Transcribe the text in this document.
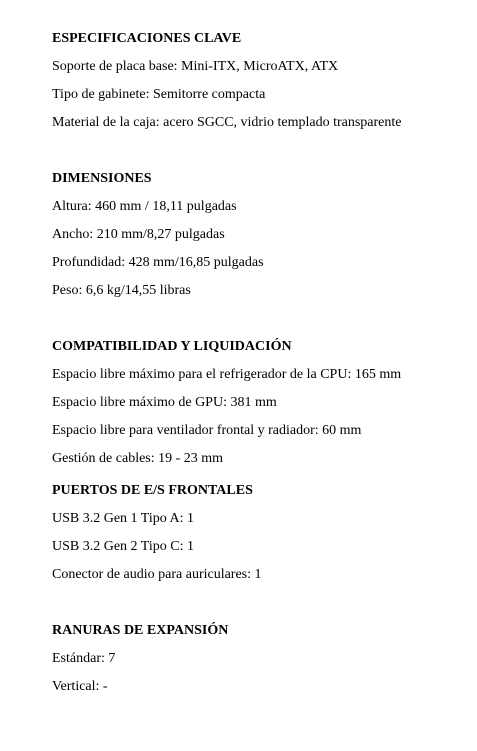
ESPECIFICACIONES CLAVE
Soporte de placa base: Mini-ITX, MicroATX, ATX
Tipo de gabinete: Semitorre compacta
Material de la caja: acero SGCC, vidrio templado transparente
DIMENSIONES
Altura: 460 mm / 18,11 pulgadas
Ancho: 210 mm/8,27 pulgadas
Profundidad: 428 mm/16,85 pulgadas
Peso: 6,6 kg/14,55 libras
COMPATIBILIDAD Y LIQUIDACIÓN
Espacio libre máximo para el refrigerador de la CPU: 165 mm
Espacio libre máximo de GPU: 381 mm
Espacio libre para ventilador frontal y radiador: 60 mm
Gestión de cables: 19 - 23 mm
PUERTOS DE E/S FRONTALES
USB 3.2 Gen 1 Tipo A: 1
USB 3.2 Gen 2 Tipo C: 1
Conector de audio para auriculares: 1
RANURAS DE EXPANSIÓN
Estándar: 7
Vertical: -
